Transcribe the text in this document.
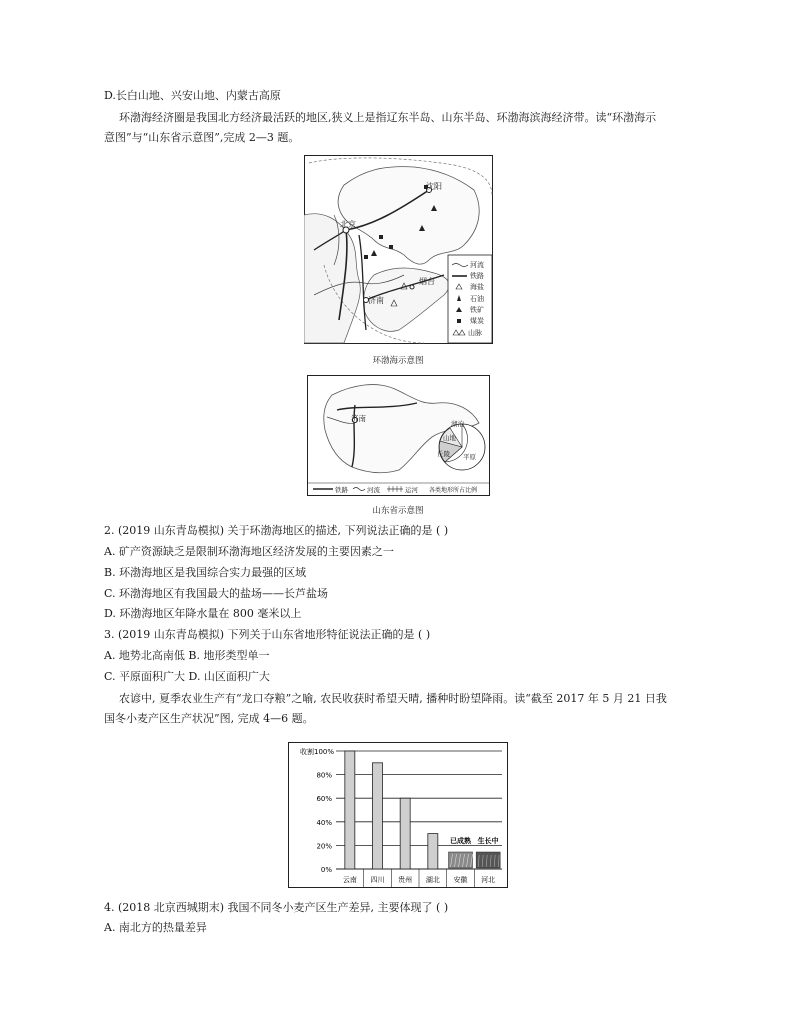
D.长白山地、兴安山地、内蒙古高原
环渤海经济圈是我国北方经济最活跃的地区,狭义上是指辽东半岛、山东半岛、环渤海滨海经济带。读“环渤海示
意图”与“山东省示意图”,完成 2—3 题。
沈阳
北京
济南
烟台
河流
铁路
海盐
石油
铁矿
煤炭
山脉
环渤海示意图
济南
湖泊
山地
丘陵 平原
各类地形所占比例
铁路	河流	运河
山东省示意图
2. (2019 山东青岛模拟) 关于环渤海地区的描述, 下列说法正确的是 ( )
A. 矿产资源缺乏是限制环渤海地区经济发展的主要因素之一
B. 环渤海地区是我国综合实力最强的区域
C. 环渤海地区有我国最大的盐场——长芦盐场
D. 环渤海地区年降水量在 800 毫米以上
3. (2019 山东青岛模拟) 下列关于山东省地形特征说法正确的是 ( )
A. 地势北高南低 B. 地形类型单一
C. 平原面积广大 D. 山区面积广大
农谚中, 夏季农业生产有“龙口夺粮”之喻, 农民收获时希望天晴, 播种时盼望降雨。读“截至 2017 年 5 月 21 日我
国冬小麦产区生产状况”图, 完成 4—6 题。
0%
20%
40%
60%
80%
收割100%
云南 四川 贵州 湖北 安徽 河北
已成熟 生长中
4. (2018 北京西城期末) 我国不同冬小麦产区生产差异, 主要体现了 ( )
A. 南北方的热量差异
